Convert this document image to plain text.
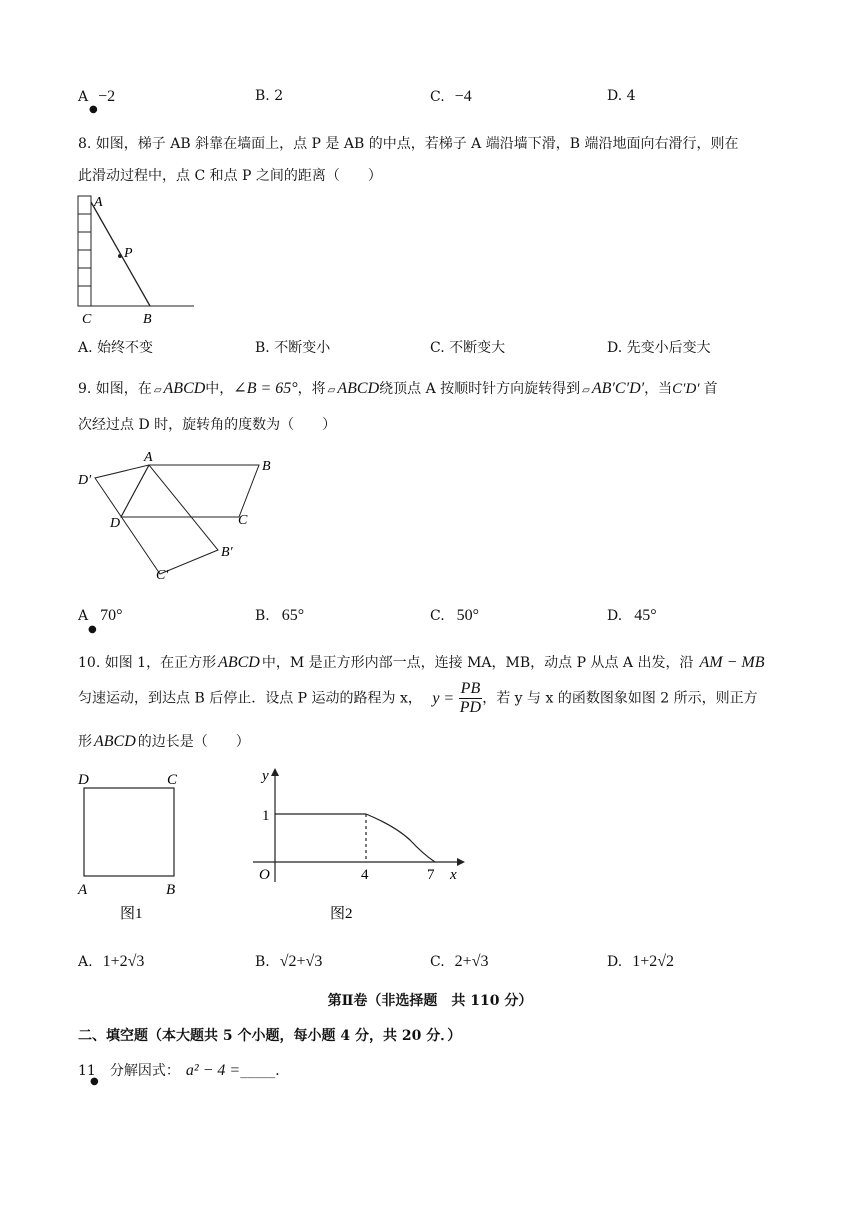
A −2
●
B. 2	C. −4	D. 4
8. 如图，梯子 AB 斜靠在墙面上，点 P 是 AB 的中点，若梯子 A 端沿墙下滑，B 端沿地面向右滑行，则在
此滑动过程中，点 C 和点 P 之间的距离（　　）
A
P
C	B
A. 始终不变	B. 不断变小	C. 不断变大	D. 先变小后变大
9. 如图，在 ▱ ABCD中，∠B = 65°，将 ▱ ABCD绕顶点 A 按顺时针方向旋转得到 ▱ AB′C′D′，当C′D′ 首
次经过点 D 时，旋转角的度数为（　　）
A
B
C
D
D′
B′
C′
A 70°
●
B. 65°	C. 50°	D. 45°
10. 如图 1，在正方形 ABCD 中，M 是正方形内部一点，连接 MA，MB，动点 P 从点 A 出发，沿 AM − MB
匀速运动，到达点 B 后停止．设点 P 运动的路程为 x， $y = \frac{PB}{PD}$ ，若 y 与 x 的函数图象如图 2 所示，则正方
形 ABCD 的边长是（　　）
D	C
A	B
图1
y
1
O	4	7 x
图2
A. 1+2√3	B. √2+√3	C. 2+√3	D. 1+2√2
第Ⅱ卷（非选择题　共 110 分）
二、填空题（本大题共 5 个小题，每小题 4 分，共 20 分．）
11 分解因式： a² − 4 =_____．
●
